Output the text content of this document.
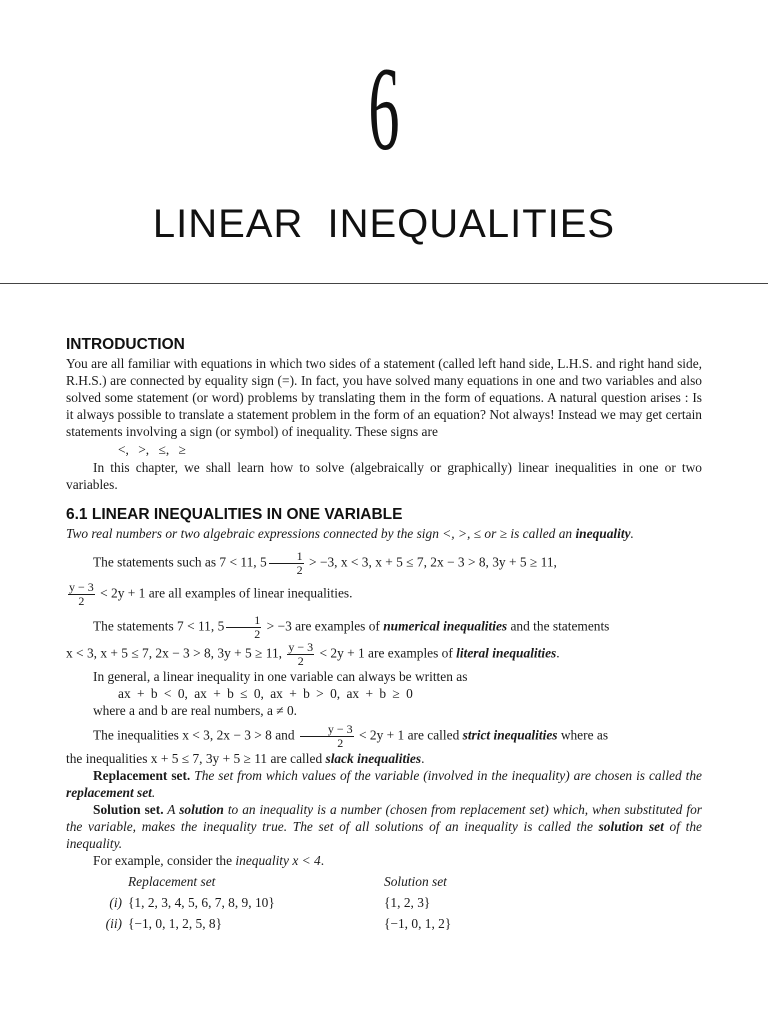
6
LINEAR INEQUALITIES
INTRODUCTION

You are all familiar with equations in which two sides of a statement (called left hand side, L.H.S. and right hand side, R.H.S.) are connected by equality sign (=). In fact, you have solved many equations in one and two variables and also solved some statement (or word) problems by translating them in the form of equations. A natural question arises : Is it always possible to translate a statement problem in the form of an equation? Not always! Instead we may get certain statements involving a sign (or symbol) of inequality. These signs are

<, >, ≤, ≥

In this chapter, we shall learn how to solve (algebraically or graphically) linear inequalities in one or two variables.

6.1 LINEAR INEQUALITIES IN ONE VARIABLE

Two real numbers or two algebraic expressions connected by the sign <, >, ≤ or ≥ is called an inequality.

The statements such as 7 < 11, $5 \frac{1}{2} > -3$, x < 3, x + 5 ≤ 7, 2x − 3 > 8, 3y + 5 ≥ 11,

$\frac{y - 3}{2} < 2y + 1$ are all examples of linear inequalities.

The statements 7 < 11, $5 \frac{1}{2} > -3$ are examples of numerical inequalities and the statements

x < 3, x + 5 ≤ 7, 2x − 3 > 8, 3y + 5 ≥ 11, $\frac{y - 3}{2} < 2y + 1$ are examples of literal inequalities.

In general, a linear inequality in one variable can always be written as

ax + b < 0, ax + b ≤ 0, ax + b > 0, ax + b ≥ 0

where a and b are real numbers, a ≠ 0.

The inequalities x < 3, 2x − 3 > 8 and $\frac{y - 3}{2} < 2y + 1$ are called strict inequalities where as

the inequalities x + 5 ≤ 7, 3y + 5 ≥ 11 are called slack inequalities.

Replacement set. The set from which values of the variable (involved in the inequality) are chosen is called the replacement set.

Solution set. A solution to an inequality is a number (chosen from replacement set) which, when substituted for the variable, makes the inequality true. The set of all solutions of an inequality is called the solution set of the inequality.

For example, consider the inequality x < 4.

Replacement set	Solution set
(i) {1, 2, 3, 4, 5, 6, 7, 8, 9, 10}	{1, 2, 3}
(ii) {−1, 0, 1, 2, 5, 8}	{−1, 0, 1, 2}
